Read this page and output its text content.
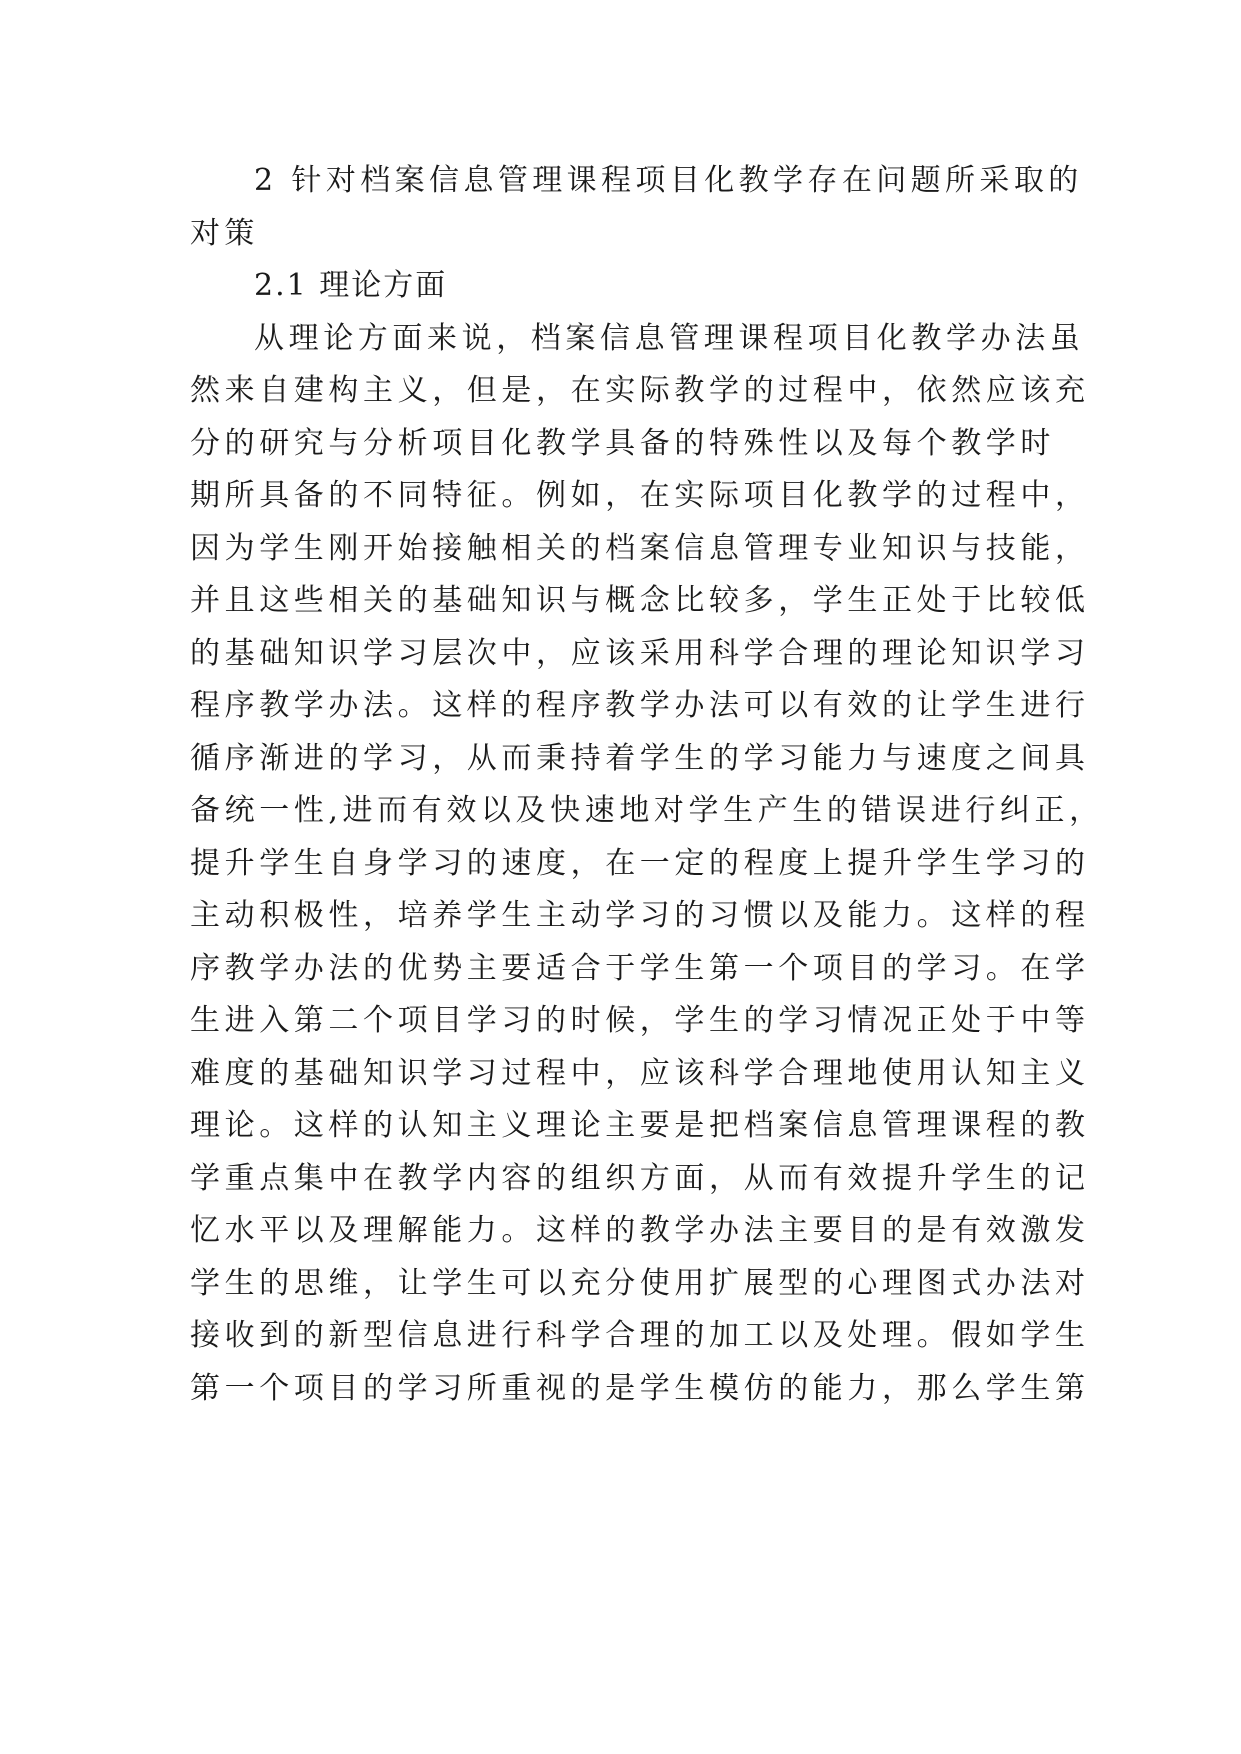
2 针对档案信息管理课程项目化教学存在问题所采取的
对策
2.1 理论方面
从理论方面来说，档案信息管理课程项目化教学办法虽
然来自建构主义，但是，在实际教学的过程中，依然应该充
分的研究与分析项目化教学具备的特殊性以及每个教学时
期所具备的不同特征。例如，在实际项目化教学的过程中，
因为学生刚开始接触相关的档案信息管理专业知识与技能，
并且这些相关的基础知识与概念比较多，学生正处于比较低
的基础知识学习层次中，应该采用科学合理的理论知识学习
程序教学办法。这样的程序教学办法可以有效的让学生进行
循序渐进的学习，从而秉持着学生的学习能力与速度之间具
备统一性,进而有效以及快速地对学生产生的错误进行纠正，
提升学生自身学习的速度，在一定的程度上提升学生学习的
主动积极性，培养学生主动学习的习惯以及能力。这样的程
序教学办法的优势主要适合于学生第一个项目的学习。在学
生进入第二个项目学习的时候，学生的学习情况正处于中等
难度的基础知识学习过程中，应该科学合理地使用认知主义
理论。这样的认知主义理论主要是把档案信息管理课程的教
学重点集中在教学内容的组织方面，从而有效提升学生的记
忆水平以及理解能力。这样的教学办法主要目的是有效激发
学生的思维，让学生可以充分使用扩展型的心理图式办法对
接收到的新型信息进行科学合理的加工以及处理。假如学生
第一个项目的学习所重视的是学生模仿的能力，那么学生第
